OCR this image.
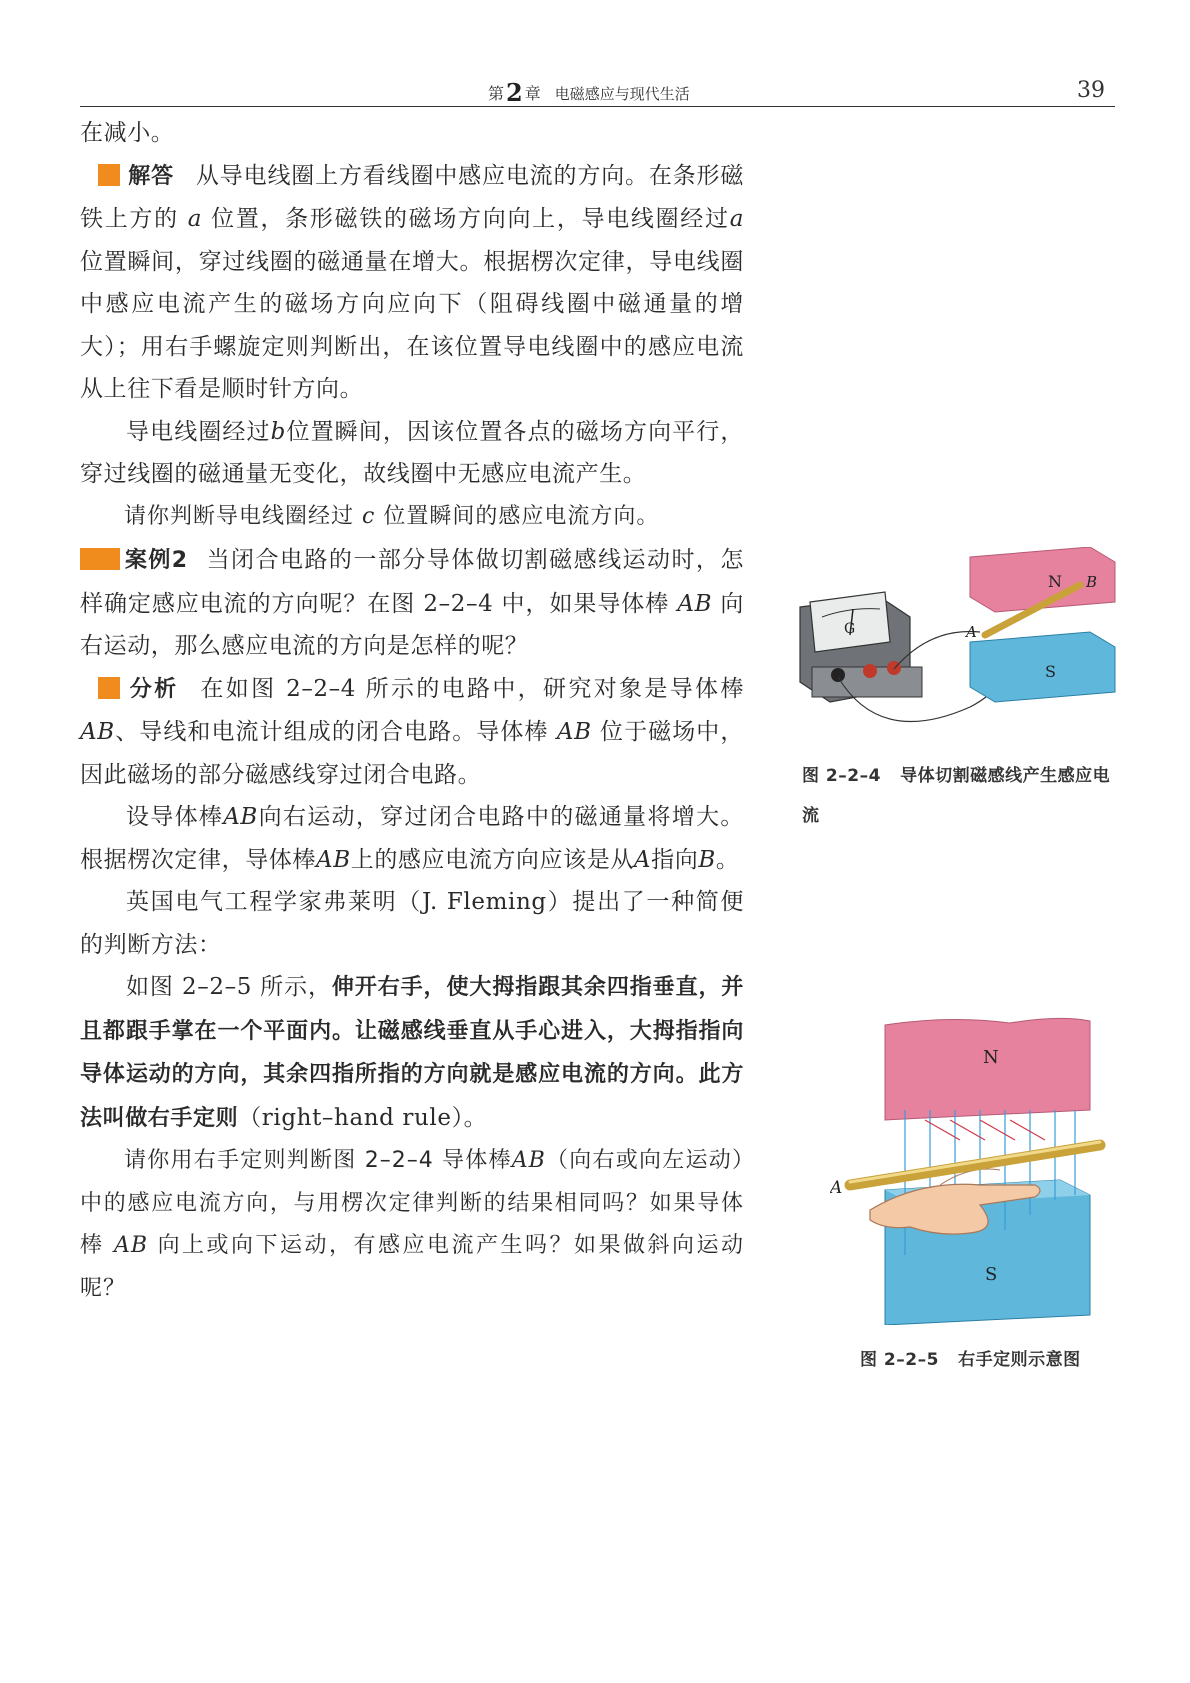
第2 章 电磁感应与现代生活	39

在减小。

解答 从导电线圈上方看线圈中感应电流的方向。在条形磁铁上方的 a 位置，条形磁铁的磁场方向向上，导电线圈经过a 位置瞬间，穿过线圈的磁通量在增大。根据楞次定律，导电线圈中感应电流产生的磁场方向应向下（阻碍线圈中磁通量的增大）；用右手螺旋定则判断出，在该位置导电线圈中的感应电流从上往下看是顺时针方向。

导电线圈经过b位置瞬间，因该位置各点的磁场方向平行，穿过线圈的磁通量无变化，故线圈中无感应电流产生。

请你判断导电线圈经过 c 位置瞬间的感应电流方向。

案例2 当闭合电路的一部分导体做切割磁感线运动时，怎样确定感应电流的方向呢？在图 2–2–4 中，如果导体棒 AB 向右运动，那么感应电流的方向是怎样的呢？

分析 在如图 2–2–4 所示的电路中，研究对象是导体棒 AB、导线和电流计组成的闭合电路。导体棒 AB 位于磁场中，因此磁场的部分磁感线穿过闭合电路。

设导体棒AB向右运动，穿过闭合电路中的磁通量将增大。根据楞次定律，导体棒AB上的感应电流方向应该是从A指向B。

英国电气工程学家弗莱明（J. Fleming）提出了一种简便的判断方法：

如图 2–2–5 所示，伸开右手，使大拇指跟其余四指垂直，并且都跟手掌在一个平面内。让磁感线垂直从手心进入，大拇指指向导体运动的方向，其余四指所指的方向就是感应电流的方向。此方法叫做右手定则（right–hand rule）。

请你用右手定则判断图 2–2–4 导体棒AB（向右或向左运动）中的感应电流方向，与用楞次定律判断的结果相同吗？如果导体棒 AB 向上或向下运动，有感应电流产生吗？如果做斜向运动呢？

G
N
S
A
B
图 2–2–4 导体切割磁感线产生感应电流
N
S
A
图 2–2–5 右手定则示意图
